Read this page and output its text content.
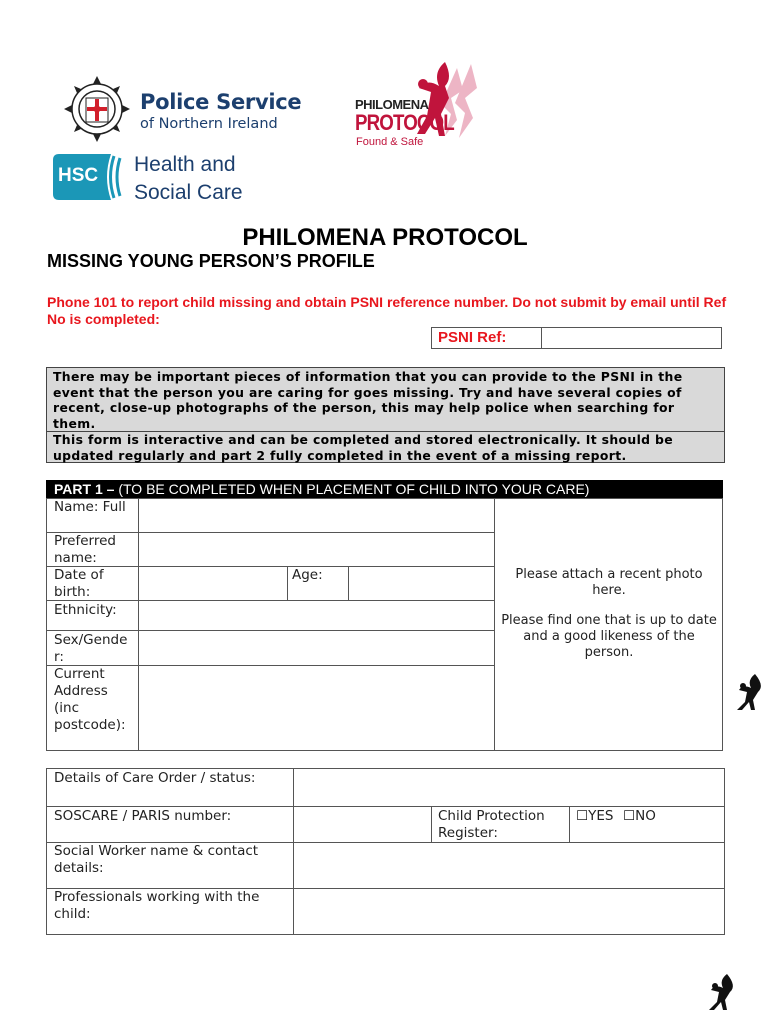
Police Service
of Northern Ireland
HSC Health and
Social Care
PHILOMENA
PROTOCOL
Found & Safe
PHILOMENA PROTOCOL
MISSING YOUNG PERSON’S PROFILE
Phone 101 to report child missing and obtain PSNI reference number. Do not submit by email until Ref No is completed:
PSNI Ref:

There may be important pieces of information that you can provide to the PSNI in the event that the person you are caring for goes missing. Try and have several copies of recent, close-up photographs of the person, this may help police when searching for them.

This form is interactive and can be completed and stored electronically. It should be updated regularly and part 2 fully completed in the event of a missing report.

PART 1 – (TO BE COMPLETED WHEN PLACEMENT OF CHILD INTO YOUR CARE)
Name: Full
Preferred name:
Date of birth:
Age:
Ethnicity:
Sex/Gender:
Current Address (inc postcode):
Please attach a recent photo here.
Please find one that is up to date and a good likeness of the person.
Details of Care Order / status:
SOSCARE / PARIS number:	Child Protection Register:
☐YES ☐NO
Social Worker name & contact details:
Professionals working with the child:
